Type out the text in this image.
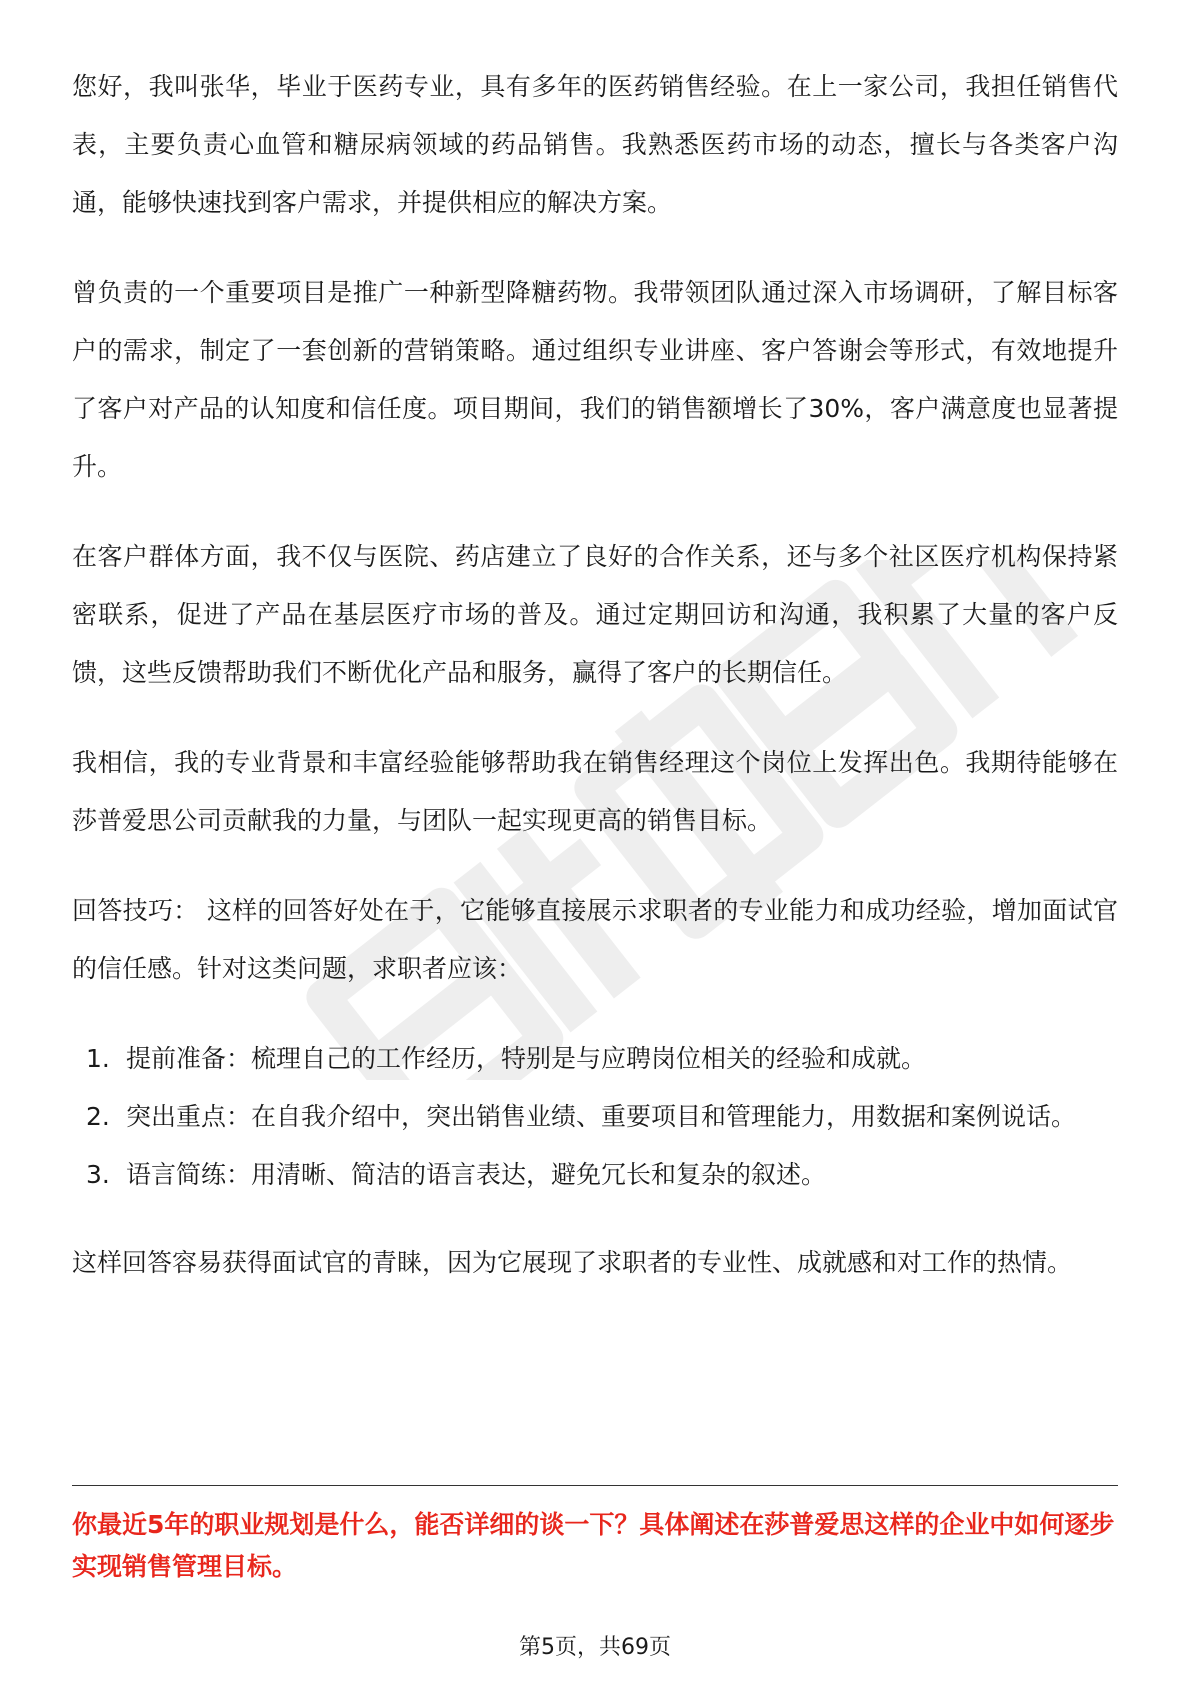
您好，我叫张华，毕业于医药专业，具有多年的医药销售经验。在上一家公司，我担任销售代表，主要负责心血管和糖尿病领域的药品销售。我熟悉医药市场的动态，擅长与各类客户沟通，能够快速找到客户需求，并提供相应的解决方案。

曾负责的一个重要项目是推广一种新型降糖药物。我带领团队通过深入市场调研，了解目标客户的需求，制定了一套创新的营销策略。通过组织专业讲座、客户答谢会等形式，有效地提升了客户对产品的认知度和信任度。项目期间，我们的销售额增长了30%，客户满意度也显著提升。

在客户群体方面，我不仅与医院、药店建立了良好的合作关系，还与多个社区医疗机构保持紧密联系，促进了产品在基层医疗市场的普及。通过定期回访和沟通，我积累了大量的客户反馈，这些反馈帮助我们不断优化产品和服务，赢得了客户的长期信任。

我相信，我的专业背景和丰富经验能够帮助我在销售经理这个岗位上发挥出色。我期待能够在莎普爱思公司贡献我的力量，与团队一起实现更高的销售目标。

回答技巧： 这样的回答好处在于，它能够直接展示求职者的专业能力和成功经验，增加面试官的信任感。针对这类问题，求职者应该：

1. 提前准备：梳理自己的工作经历，特别是与应聘岗位相关的经验和成就。
2. 突出重点：在自我介绍中，突出销售业绩、重要项目和管理能力，用数据和案例说话。
3. 语言简练：用清晰、简洁的语言表达，避免冗长和复杂的叙述。

这样回答容易获得面试官的青睐，因为它展现了求职者的专业性、成就感和对工作的热情。

你最近5年的职业规划是什么，能否详细的谈一下？具体阐述在莎普爱思这样的企业中如何逐步实现销售管理目标。
第5页，共69页
